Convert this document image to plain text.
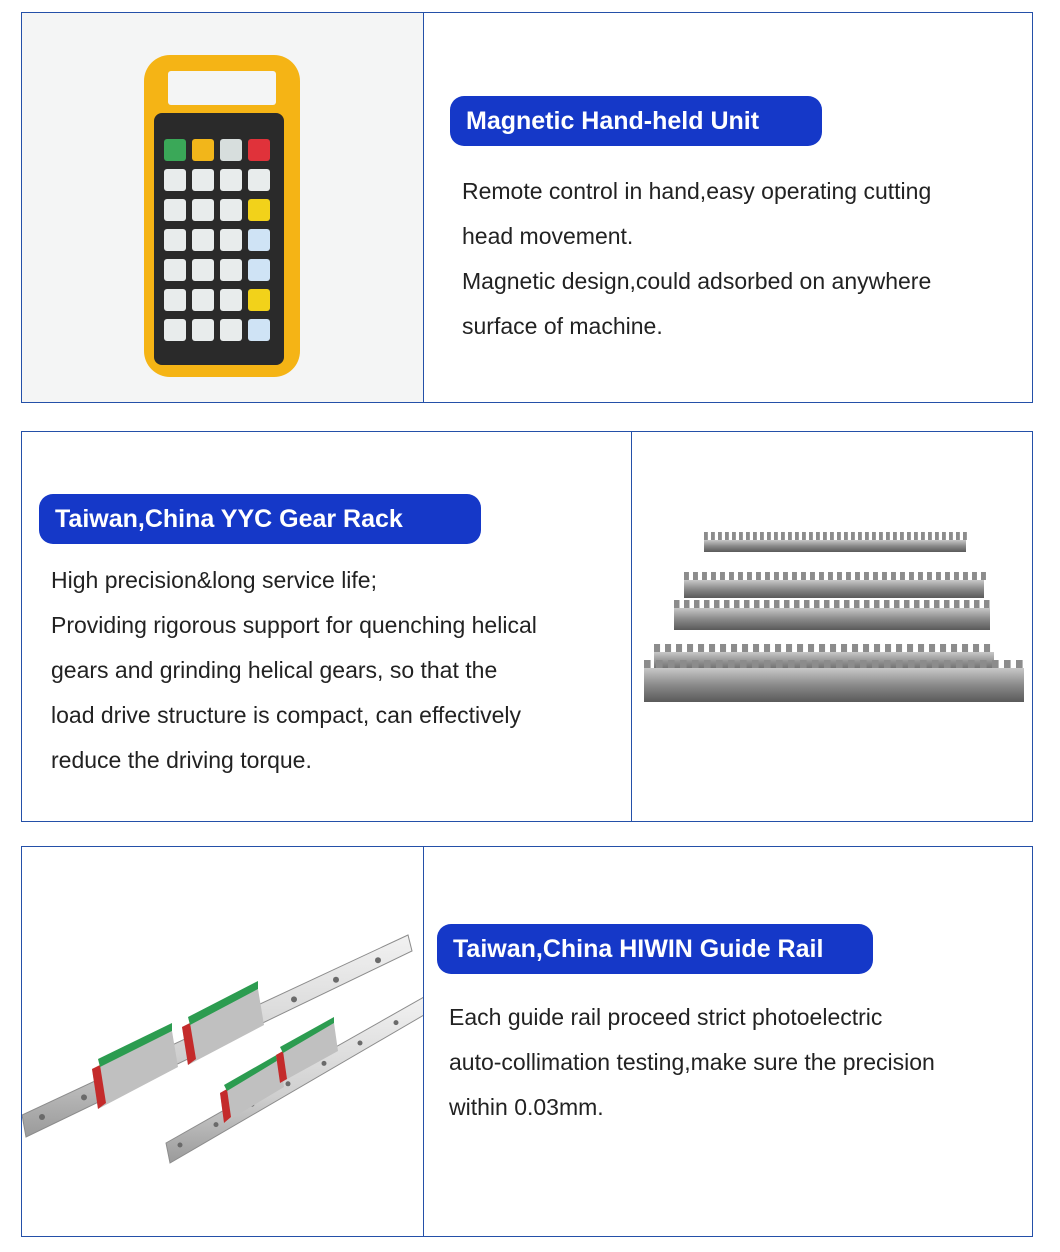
Magnetic Hand-held Unit

Remote control in hand,easy operating cutting

head movement.

Magnetic design,could adsorbed on anywhere

surface of machine.

Taiwan,China YYC Gear Rack

High precision&long service life;

Providing rigorous support for quenching helical

gears and grinding helical gears, so that the

load drive structure is compact, can effectively

reduce the driving torque.

Taiwan,China HIWIN Guide Rail

Each guide rail proceed strict photoelectric

auto-collimation testing,make sure the precision

within 0.03mm.
